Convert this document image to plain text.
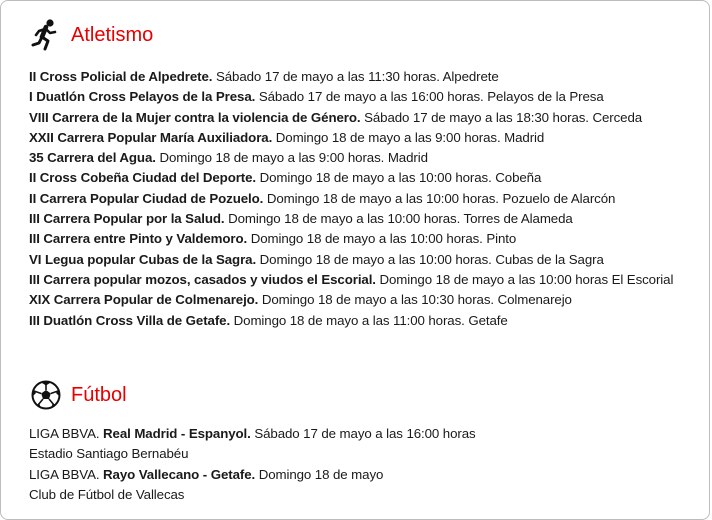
Atletismo
II Cross Policial de Alpedrete. Sábado 17 de mayo a las 11:30 horas. Alpedrete
I Duatlón Cross Pelayos de la Presa. Sábado 17 de mayo a las 16:00 horas. Pelayos de la Presa
VIII Carrera de la Mujer contra la violencia de Género. Sábado 17 de mayo a las 18:30 horas. Cercedа
XXII Carrera Popular María Auxiliadora. Domingo 18 de mayo a las 9:00 horas. Madrid
35 Carrera del Agua. Domingo 18 de mayo a las 9:00 horas. Madrid
II Cross Cobeña Ciudad del Deporte. Domingo 18 de mayo a las 10:00 horas. Cobeña
II Carrera Popular Ciudad de Pozuelo. Domingo 18 de mayo a las 10:00 horas. Pozuelo de Alarcón
III Carrera Popular por la Salud. Domingo 18 de mayo a las 10:00 horas. Torres de Alameda
III Carrera entre Pinto y Valdemoro. Domingo 18 de mayo a las 10:00 horas. Pinto
VI Legua popular Cubas de la Sagra. Domingo 18 de mayo a las 10:00 horas. Cubas de la Sagra
III Carrera popular mozos, casados y viudos el Escorial. Domingo 18 de mayo a las 10:00 horas El Escorial
XIX Carrera Popular de Colmenarejo. Domingo 18 de mayo a las 10:30 horas. Colmenarejo
III Duatlón Cross Villa de Getafe. Domingo 18 de mayo a las 11:00 horas. Getafe
Fútbol
LIGA BBVA. Real Madrid - Espanyol. Sábado 17 de mayo a las 16:00 horas
Estadio Santiago Bernabéu
LIGA BBVA. Rayo Vallecano - Getafe. Domingo 18 de mayo
Club de Fútbol de Vallecas
